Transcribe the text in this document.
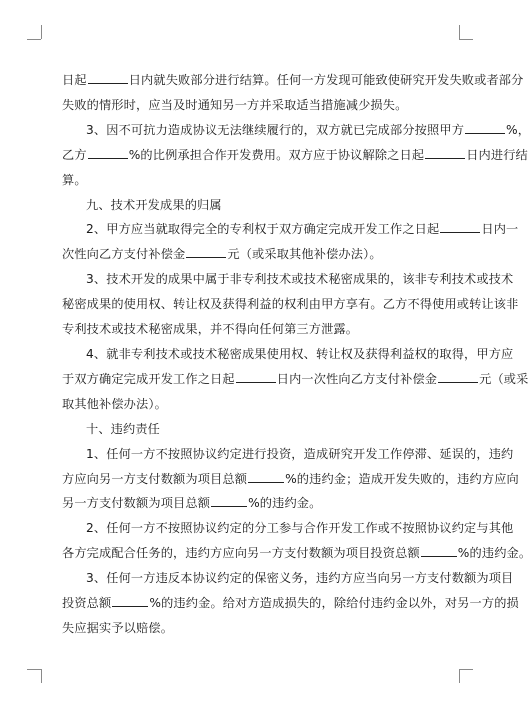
日起	日内就失败部分进行结算。任何一方发现可能致使研究开发失败或者部分

失败的情形时，应当及时通知另一方并采取适当措施减少损失。

3、因不可抗力造成协议无法继续履行的，双方就已完成部分按照甲方	%，

乙方	%的比例承担合作开发费用。双方应于协议解除之日起	日内进行结

算。

九、技术开发成果的归属

2、甲方应当就取得完全的专利权于双方确定完成开发工作之日起	日内一

次性向乙方支付补偿金	元（或采取其他补偿办法）。

3、技术开发的成果中属于非专利技术或技术秘密成果的，该非专利技术或技术

秘密成果的使用权、转让权及获得利益的权利由甲方享有。乙方不得使用或转让该非

专利技术或技术秘密成果，并不得向任何第三方泄露。

4、就非专利技术或技术秘密成果使用权、转让权及获得利益权的取得，甲方应

于双方确定完成开发工作之日起	日内一次性向乙方支付补偿金	元（或采

取其他补偿办法）。

十、违约责任

1、任何一方不按照协议约定进行投资，造成研究开发工作停滞、延误的，违约

方应向另一方支付数额为项目总额	%的违约金；造成开发失败的，违约方应向

另一方支付数额为项目总额	%的违约金。

2、任何一方不按照协议约定的分工参与合作开发工作或不按照协议约定与其他

各方完成配合任务的，违约方应向另一方支付数额为项目投资总额	%的违约金。

3、任何一方违反本协议约定的保密义务，违约方应当向另一方支付数额为项目

投资总额	%的违约金。给对方造成损失的，除给付违约金以外，对另一方的损

失应据实予以赔偿。
